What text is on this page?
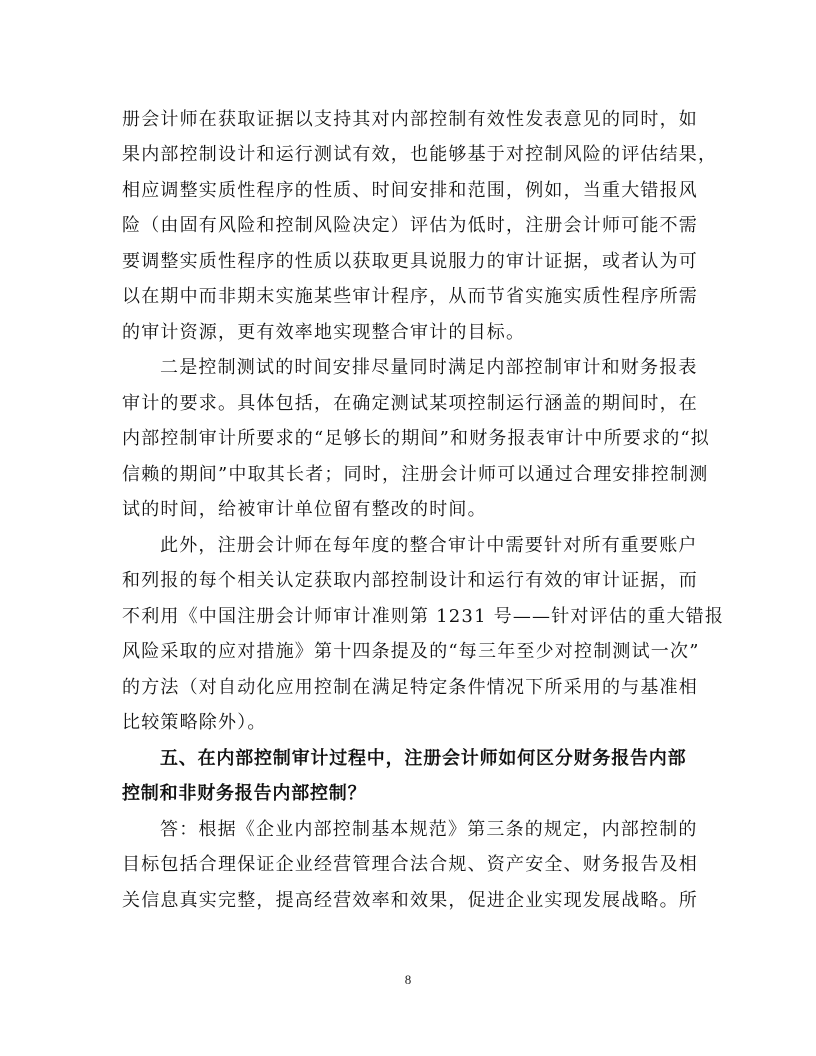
册会计师在获取证据以支持其对内部控制有效性发表意见的同时，如
果内部控制设计和运行测试有效，也能够基于对控制风险的评估结果，
相应调整实质性程序的性质、时间安排和范围，例如，当重大错报风
险（由固有风险和控制风险决定）评估为低时，注册会计师可能不需
要调整实质性程序的性质以获取更具说服力的审计证据，或者认为可
以在期中而非期末实施某些审计程序，从而节省实施实质性程序所需
的审计资源，更有效率地实现整合审计的目标。
二是控制测试的时间安排尽量同时满足内部控制审计和财务报表
审计的要求。具体包括，在确定测试某项控制运行涵盖的期间时，在
内部控制审计所要求的“足够长的期间”和财务报表审计中所要求的“拟
信赖的期间”中取其长者；同时，注册会计师可以通过合理安排控制测
试的时间，给被审计单位留有整改的时间。
此外，注册会计师在每年度的整合审计中需要针对所有重要账户
和列报的每个相关认定获取内部控制设计和运行有效的审计证据，而
不利用《中国注册会计师审计准则第 1231 号——针对评估的重大错报
风险采取的应对措施》第十四条提及的“每三年至少对控制测试一次”
的方法（对自动化应用控制在满足特定条件情况下所采用的与基准相
比较策略除外）。
五、在内部控制审计过程中，注册会计师如何区分财务报告内部
控制和非财务报告内部控制？
答：根据《企业内部控制基本规范》第三条的规定，内部控制的
目标包括合理保证企业经营管理合法合规、资产安全、财务报告及相
关信息真实完整，提高经营效率和效果，促进企业实现发展战略。所
8
